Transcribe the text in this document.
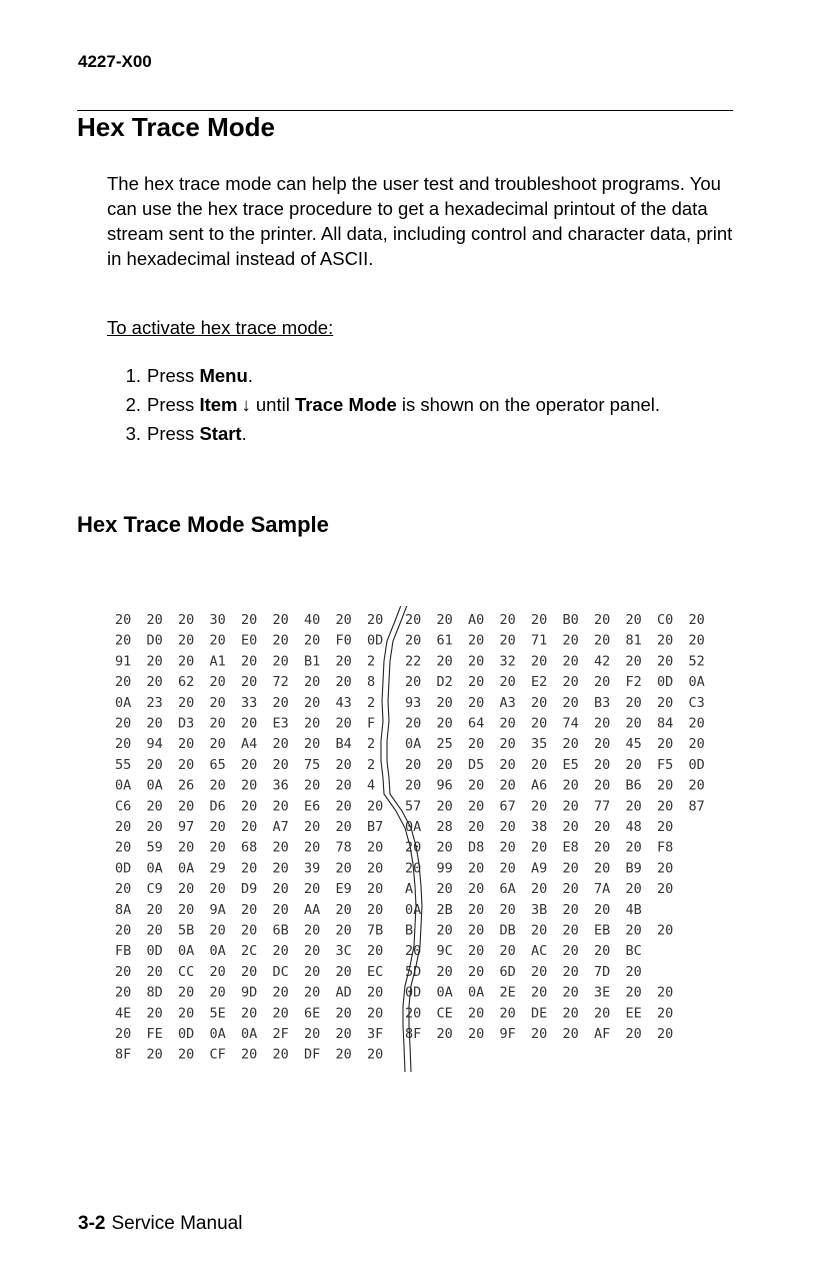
4227-X00
Hex Trace Mode

The hex trace mode can help the user test and troubleshoot programs. You can use the hex trace procedure to get a hexadecimal printout of the data stream sent to the printer. All data, including control and character data, print in hexadecimal instead of ASCII.

To activate hex trace mode:
1. Press Menu.
2. Press Item ↓ until Trace Mode is shown on the operator panel.
3. Press Start.
Hex Trace Mode Sample
20 20 20 30 20 20 40 20 20
20 D0 20 20 E0 20 20 F0 0D
91 20 20 A1 20 20 B1 20 2
20 20 62 20 20 72 20 20 8
0A 23 20 20 33 20 20 43 2
20 20 D3 20 20 E3 20 20 F
20 94 20 20 A4 20 20 B4 2
55 20 20 65 20 20 75 20 2
0A 0A 26 20 20 36 20 20 4
C6 20 20 D6 20 20 E6 20 20
20 20 97 20 20 A7 20 20 B7
20 59 20 20 68 20 20 78 20
0D 0A 0A 29 20 20 39 20 20
20 C9 20 20 D9 20 20 E9 20
8A 20 20 9A 20 20 AA 20 20
20 20 5B 20 20 6B 20 20 7B
FB 0D 0A 0A 2C 20 20 3C 20
20 20 CC 20 20 DC 20 20 EC
20 8D 20 20 9D 20 20 AD 20
4E 20 20 5E 20 20 6E 20 20
20 FE 0D 0A 0A 2F 20 20 3F
8F 20 20 CF 20 20 DF 20 20
20 20 A0 20 20 B0 20 20 C0 20
20 61 20 20 71 20 20 81 20 20
22 20 20 32 20 20 42 20 20 52
20 D2 20 20 E2 20 20 F2 0D 0A
93 20 20 A3 20 20 B3 20 20 C3
20 20 64 20 20 74 20 20 84 20
0A 25 20 20 35 20 20 45 20 20
20 20 D5 20 20 E5 20 20 F5 0D
20 96 20 20 A6 20 20 B6 20 20
57 20 20 67 20 20 77 20 20 87
0A 28 20 20 38 20 20 48 20
20 20 D8 20 20 E8 20 20 F8
20 99 20 20 A9 20 20 B9 20
A 20 20 6A 20 20 7A 20 20
0A 2B 20 20 3B 20 20 4B
B 20 20 DB 20 20 EB 20 20
20 9C 20 20 AC 20 20 BC
5D 20 20 6D 20 20 7D 20
0D 0A 0A 2E 20 20 3E 20 20
20 CE 20 20 DE 20 20 EE 20
8F 20 20 9F 20 20 AF 20 20
3-2 Service Manual
